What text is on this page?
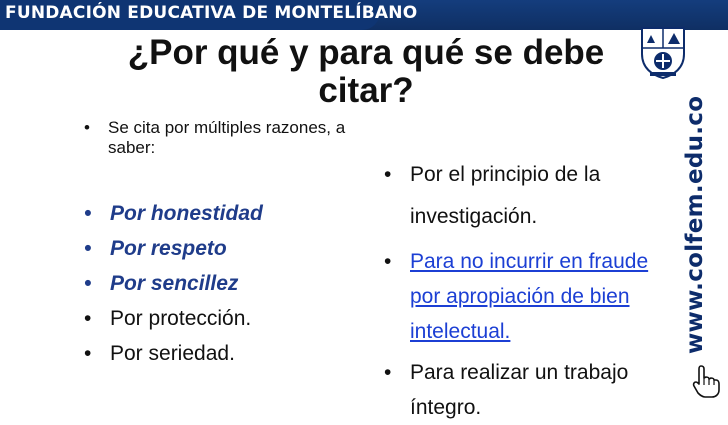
FUNDACIÓN EDUCATIVA DE MONTELÍBANO
¿Por qué y para qué se debe citar?
• Se cita por múltiples razones, a saber:
• Por honestidad
• Por respeto
• Por sencillez
• Por protección.
• Por seriedad.
• Por el principio de la investigación.
• Para no incurrir en fraude por apropiación de bien intelectual.
• Para realizar un trabajo íntegro.
www.colfem.edu.co
